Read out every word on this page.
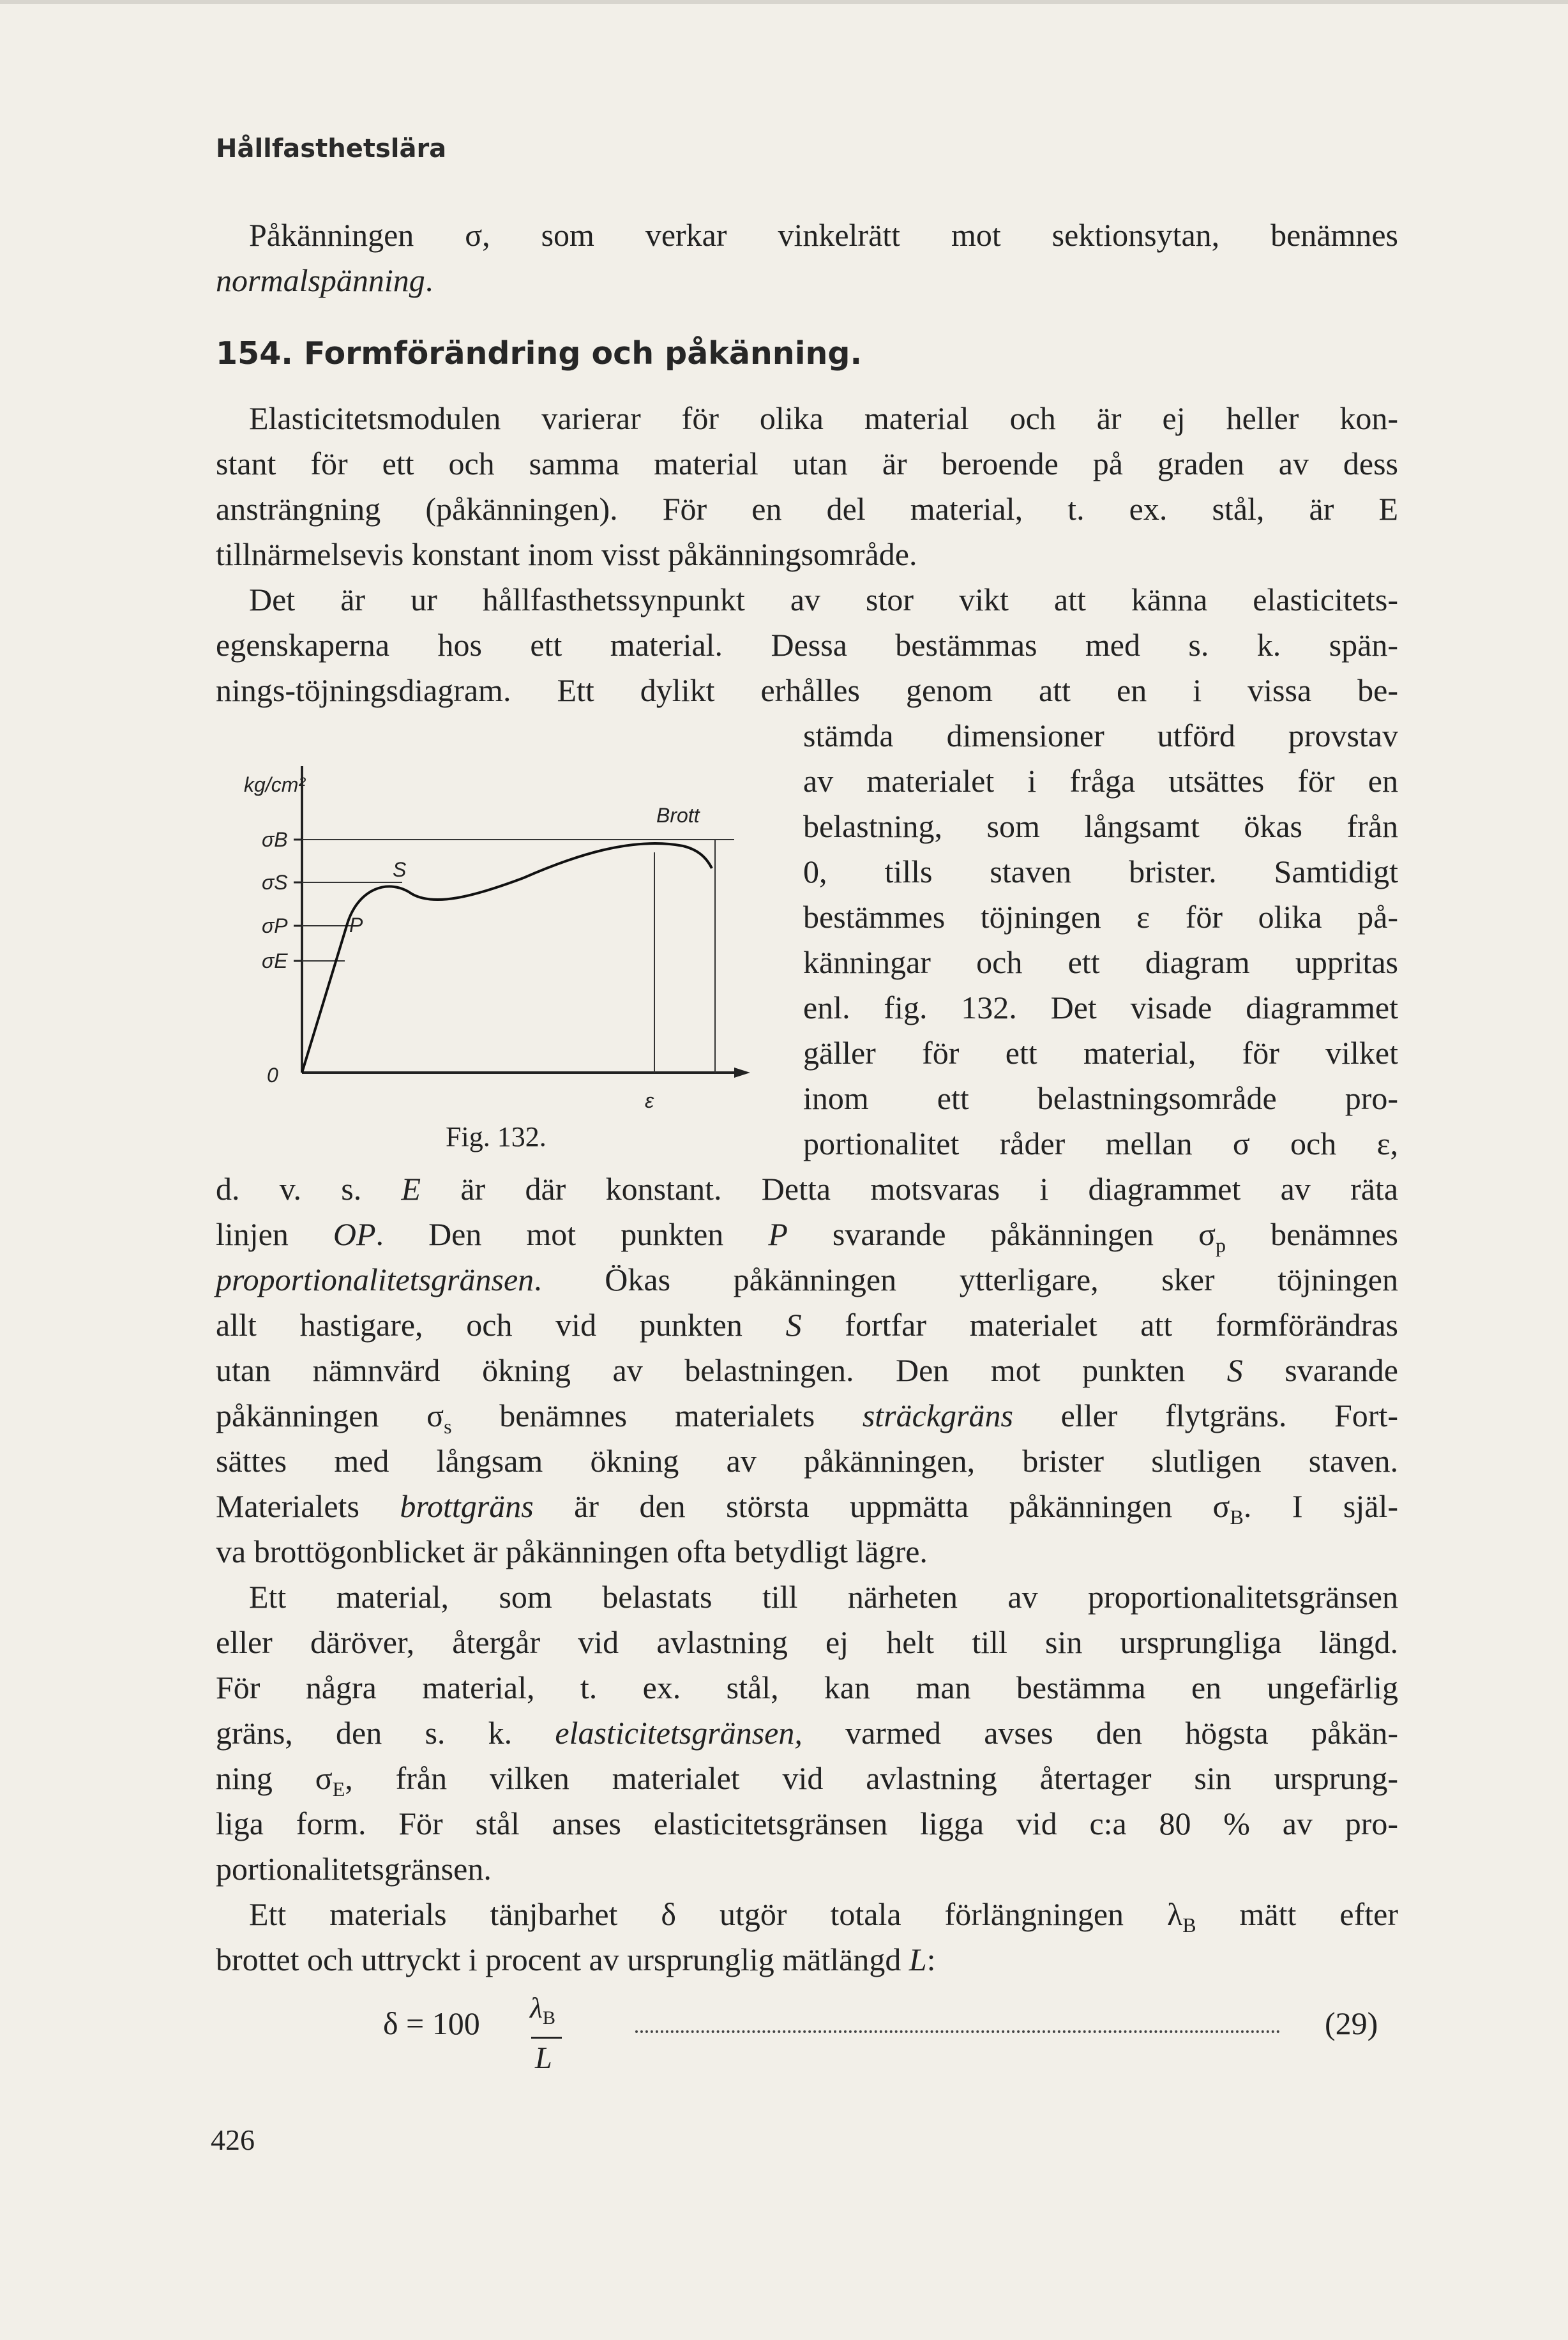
Hållfasthetslära

Påkänningen σ, som verkar vinkelrätt mot sektionsytan, benämnes

normalspänning.

154. Formförändring och påkänning.

Elasticitetsmodulen varierar för olika material och är ej heller kon-

stant för ett och samma material utan är beroende på graden av dess

ansträngning (påkänningen). För en del material, t. ex. stål, är E

tillnärmelsevis konstant inom visst påkänningsområde.

Det är ur hållfasthetssynpunkt av stor vikt att känna elasticitets-

egenskaperna hos ett material. Dessa bestämmas med s. k. spän-

nings-töjningsdiagram. Ett dylikt erhålles genom att en i vissa be-

stämda dimensioner utförd provstav

av materialet i fråga utsättes för en

belastning, som långsamt ökas från

0, tills staven brister. Samtidigt

bestämmes töjningen ε för olika på-

känningar och ett diagram uppritas

enl. fig. 132. Det visade diagrammet

gäller för ett material, för vilket

inom ett belastningsområde pro-

portionalitet råder mellan σ och ε,

d. v. s. E är där konstant. Detta motsvaras i diagrammet av räta

linjen OP. Den mot punkten P svarande påkänningen $\sigma_p$ benämnes

proportionalitetsgränsen. Ökas påkänningen ytterligare, sker töjningen

allt hastigare, och vid punkten S fortfar materialet att formförändras

utan nämnvärd ökning av belastningen. Den mot punkten S svarande

påkänningen $\sigma_s$ benämnes materialets sträckgräns eller flytgräns. Fort-

sättes med långsam ökning av påkänningen, brister slutligen staven.

Materialets brottgräns är den största uppmätta påkänningen $\sigma_B$. I själ-

va brottögonblicket är påkänningen ofta betydligt lägre.

kg/cm²
σB
σS
σP
σE
S
P
Brott
0
ε
Fig. 132.

Ett material, som belastats till närheten av proportionalitetsgränsen

eller däröver, återgår vid avlastning ej helt till sin ursprungliga längd.

För några material, t. ex. stål, kan man bestämma en ungefärlig

gräns, den s. k. elasticitetsgränsen, varmed avses den högsta påkän-

ning $\sigma_E$, från vilken materialet vid avlastning återtager sin ursprung-

liga form. För stål anses elasticitetsgränsen ligga vid c:a 80 % av pro-

portionalitetsgränsen.

Ett materials tänjbarhet δ utgör totala förlängningen $\lambda_B$ mätt efter

brottet och uttryckt i procent av ursprunglig mätlängd L:

δ = 100 $\lambda_B$
L
(29)
426
